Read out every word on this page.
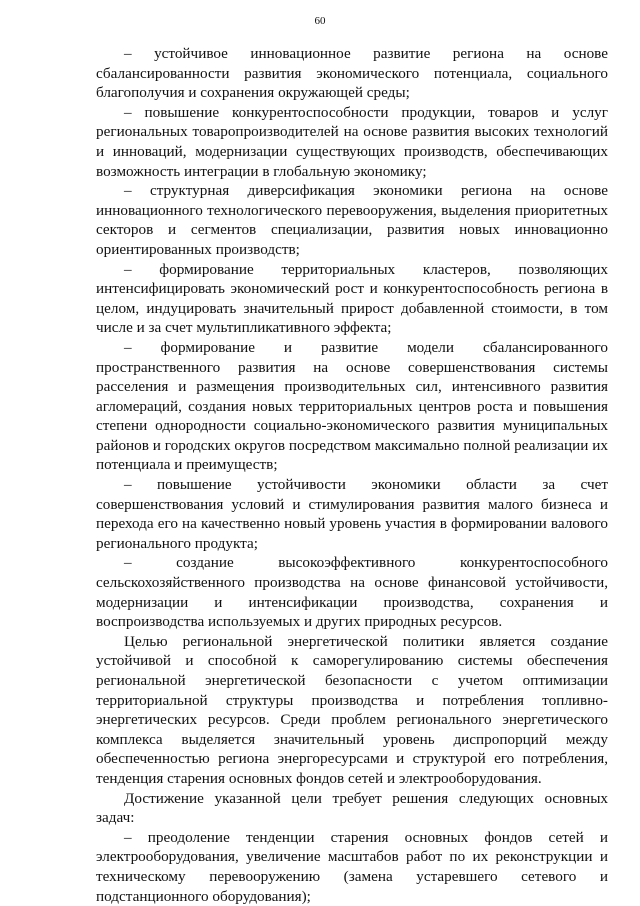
60

– устойчивое инновационное развитие региона на основе сбалансированности развития экономического потенциала, социального благополучия и сохранения окружающей среды;

– повышение конкурентоспособности продукции, товаров и услуг региональных товаропроизводителей на основе развития высоких технологий и инноваций, модернизации существующих производств, обеспечивающих возможность интеграции в глобальную экономику;

– структурная диверсификация экономики региона на основе инновационного технологического перевооружения, выделения приоритетных секторов и сегментов специализации, развития новых инновационно ориентированных производств;

– формирование территориальных кластеров, позволяющих интенсифицировать экономический рост и конкурентоспособность региона в целом, индуцировать значительный прирост добавленной стоимости, в том числе и за счет мультипликативного эффекта;

– формирование и развитие модели сбалансированного пространственного развития на основе совершенствования системы расселения и размещения производительных сил, интенсивного развития агломераций, создания новых территориальных центров роста и повышения степени однородности социально-экономического развития муниципальных районов и городских округов посредством максимально полной реализации их потенциала и преимуществ;

– повышение устойчивости экономики области за счет совершенствования условий и стимулирования развития малого бизнеса и перехода его на качественно новый уровень участия в формировании валового регионального продукта;

– создание высокоэффективного конкурентоспособного сельскохозяйственного производства на основе финансовой устойчивости, модернизации и интенсификации производства, сохранения и воспроизводства используемых и других природных ресурсов.

Целью региональной энергетической политики является создание устойчивой и способной к саморегулированию системы обеспечения региональной энергетической безопасности с учетом оптимизации территориальной структуры производства и потребления топливно-энергетических ресурсов. Среди проблем регионального энергетического комплекса выделяется значительный уровень диспропорций между обеспеченностью региона энергоресурсами и структурой его потребления, тенденция старения основных фондов сетей и электрооборудования.

Достижение указанной цели требует решения следующих основных задач:

– преодоление тенденции старения основных фондов сетей и электрооборудования, увеличение масштабов работ по их реконструкции и техническому перевооружению (замена устаревшего сетевого и подстанционного оборудования);
